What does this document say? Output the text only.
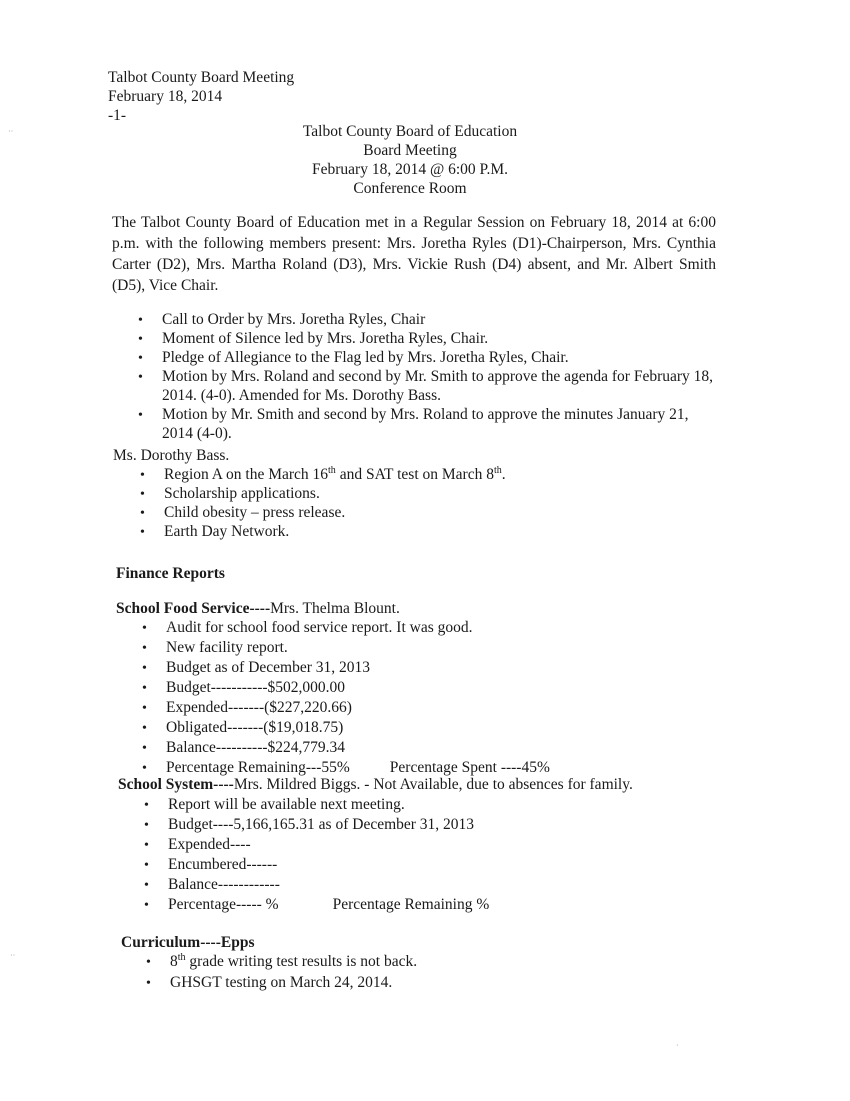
Talbot County Board Meeting
February 18, 2014
-1-
Talbot County Board of Education
Board Meeting
February 18, 2014 @ 6:00 P.M.
Conference Room
The Talbot County Board of Education met in a Regular Session on February 18, 2014 at 6:00 p.m. with the following members present: Mrs. Joretha Ryles (D1)-Chairperson, Mrs. Cynthia Carter (D2), Mrs. Martha Roland (D3), Mrs. Vickie Rush (D4) absent, and Mr. Albert Smith (D5), Vice Chair.
• Call to Order by Mrs. Joretha Ryles, Chair
• Moment of Silence led by Mrs. Joretha Ryles, Chair.
• Pledge of Allegiance to the Flag led by Mrs. Joretha Ryles, Chair.
• Motion by Mrs. Roland and second by Mr. Smith to approve the agenda for February 18, 2014. (4-0). Amended for Ms. Dorothy Bass.
• Motion by Mr. Smith and second by Mrs. Roland to approve the minutes January 21, 2014 (4-0).
Ms. Dorothy Bass.
• Region A on the March 16th and SAT test on March 8th.
• Scholarship applications.
• Child obesity – press release.
• Earth Day Network.
Finance Reports
School Food Service----Mrs. Thelma Blount.
• Audit for school food service report. It was good.
• New facility report.
• Budget as of December 31, 2013
• Budget-----------$502,000.00
• Expended-------($227,220.66)
• Obligated-------($19,018.75)
• Balance----------$224,779.34
• Percentage Remaining---55%	Percentage Spent ----45%
School System----Mrs. Mildred Biggs. - Not Available, due to absences for family.
• Report will be available next meeting.
• Budget----5,166,165.31 as of December 31, 2013
• Expended----
• Encumbered------
• Balance------------
• Percentage----- %	Percentage Remaining %
Curriculum----Epps
• 8th grade writing test results is not back.
• GHSGT testing on March 24, 2014.
··
··
·
